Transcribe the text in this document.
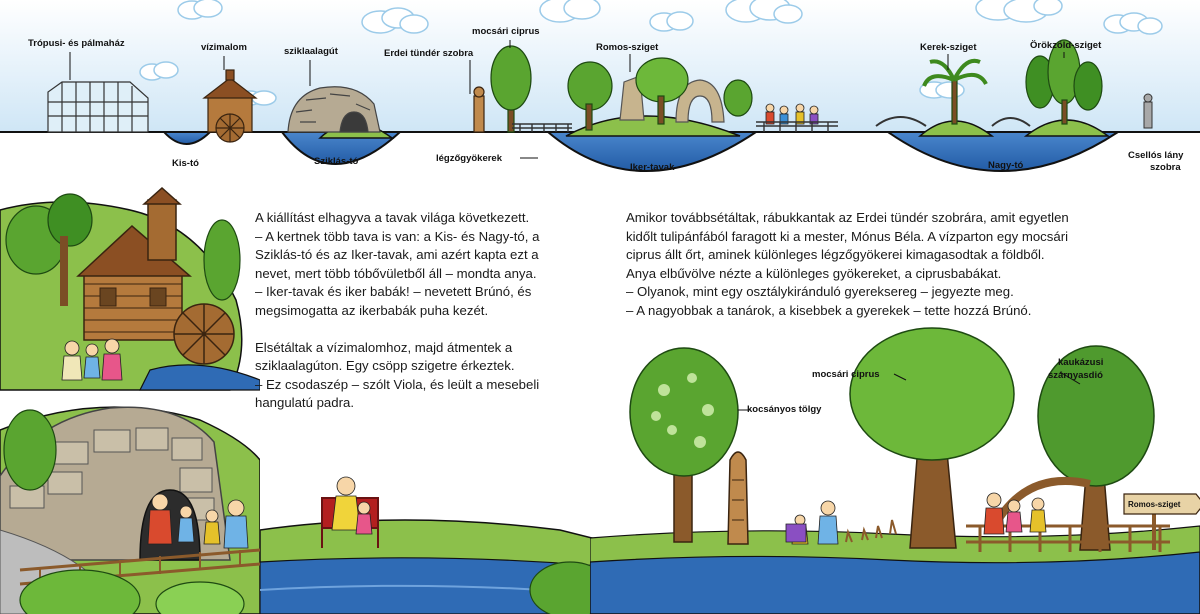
Trópusi- és pálmaház	vízimalom	sziklaalagút	Erdei tündér szobra
mocsári ciprus
Romos-sziget	Kerek-sziget	Örökzöld-sziget
Kis-tó	Sziklás-tó	légzőgyökerek
Iker-tavak	Nagy-tó
Csellós lány
szobra
kocsányos tölgy
mocsári ciprus
kaukázusi
szárnyasdió
Romos-sziget

A kiállítást elhagyva a tavak világa következett.
– A kertnek több tava is van: a Kis- és Nagy-tó, a
Sziklás-tó és az Iker-tavak, ami azért kapta ezt a
nevet, mert több tóbővületből áll – mondta anya.
– Iker-tavak és iker babák! – nevetett Brúnó, és
megsimogatta az ikerbabák puha kezét.

Elsétáltak a vízimalomhoz, majd átmentek a
sziklaalagúton. Egy csöpp szigetre érkeztek.
– Ez csodaszép – szólt Viola, és leült a mesebeli
hangulatú padra.

Amikor továbbsétáltak, rábukkantak az Erdei tündér szobrára, amit egyetlen
kidőlt tulipánfából faragott ki a mester, Mónus Béla. A vízparton egy mocsári
ciprus állt őrt, aminek különleges légzőgyökerei kimagasodtak a földből.
Anya elbűvölve nézte a különleges gyökereket, a ciprusbabákat.
– Olyanok, mint egy osztálykiránduló gyereksereg – jegyezte meg.
– A nagyobbak a tanárok, a kisebbek a gyerekek – tette hozzá Brúnó.
